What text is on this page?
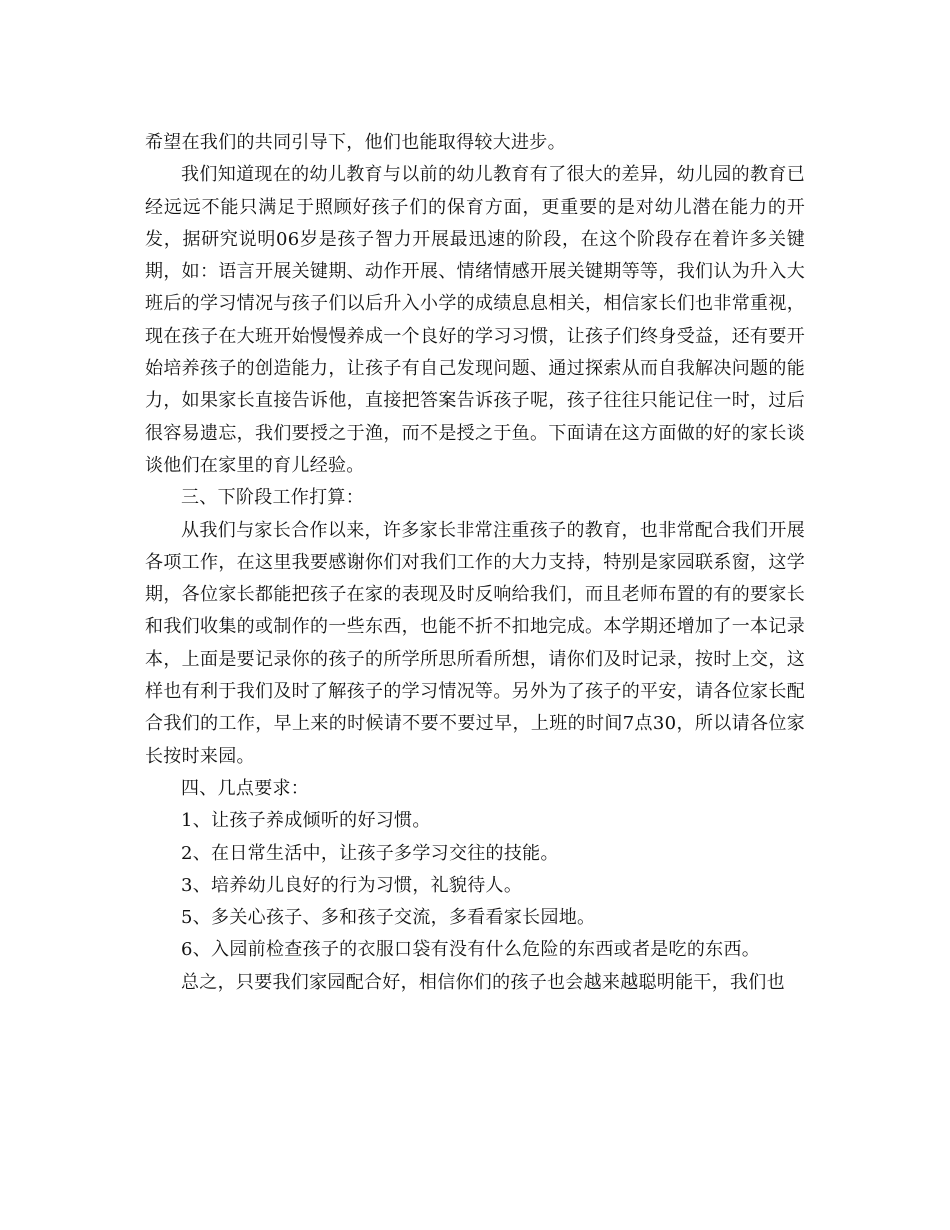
希望在我们的共同引导下，他们也能取得较大进步。

我们知道现在的幼儿教育与以前的幼儿教育有了很大的差异，幼儿园的教育已经远远不能只满足于照顾好孩子们的保育方面，更重要的是对幼儿潜在能力的开发，据研究说明06岁是孩子智力开展最迅速的阶段，在这个阶段存在着许多关键期，如：语言开展关键期、动作开展、情绪情感开展关键期等等，我们认为升入大班后的学习情况与孩子们以后升入小学的成绩息息相关，相信家长们也非常重视，现在孩子在大班开始慢慢养成一个良好的学习习惯，让孩子们终身受益，还有要开始培养孩子的创造能力，让孩子有自己发现问题、通过探索从而自我解决问题的能力，如果家长直接告诉他，直接把答案告诉孩子呢，孩子往往只能记住一时，过后很容易遗忘，我们要授之于渔，而不是授之于鱼。下面请在这方面做的好的家长谈谈他们在家里的育儿经验。

三、下阶段工作打算：

从我们与家长合作以来，许多家长非常注重孩子的教育，也非常配合我们开展各项工作，在这里我要感谢你们对我们工作的大力支持，特别是家园联系窗，这学期，各位家长都能把孩子在家的表现及时反响给我们，而且老师布置的有的要家长和我们收集的或制作的一些东西，也能不折不扣地完成。本学期还增加了一本记录本，上面是要记录你的孩子的所学所思所看所想，请你们及时记录，按时上交，这样也有利于我们及时了解孩子的学习情况等。另外为了孩子的平安，请各位家长配合我们的工作，早上来的时候请不要不要过早，上班的时间7点30，所以请各位家长按时来园。

四、几点要求：

1、让孩子养成倾听的好习惯。

2、在日常生活中，让孩子多学习交往的技能。

3、培养幼儿良好的行为习惯，礼貌待人。

5、多关心孩子、多和孩子交流，多看看家长园地。

6、入园前检查孩子的衣服口袋有没有什么危险的东西或者是吃的东西。

总之，只要我们家园配合好，相信你们的孩子也会越来越聪明能干，我们也
